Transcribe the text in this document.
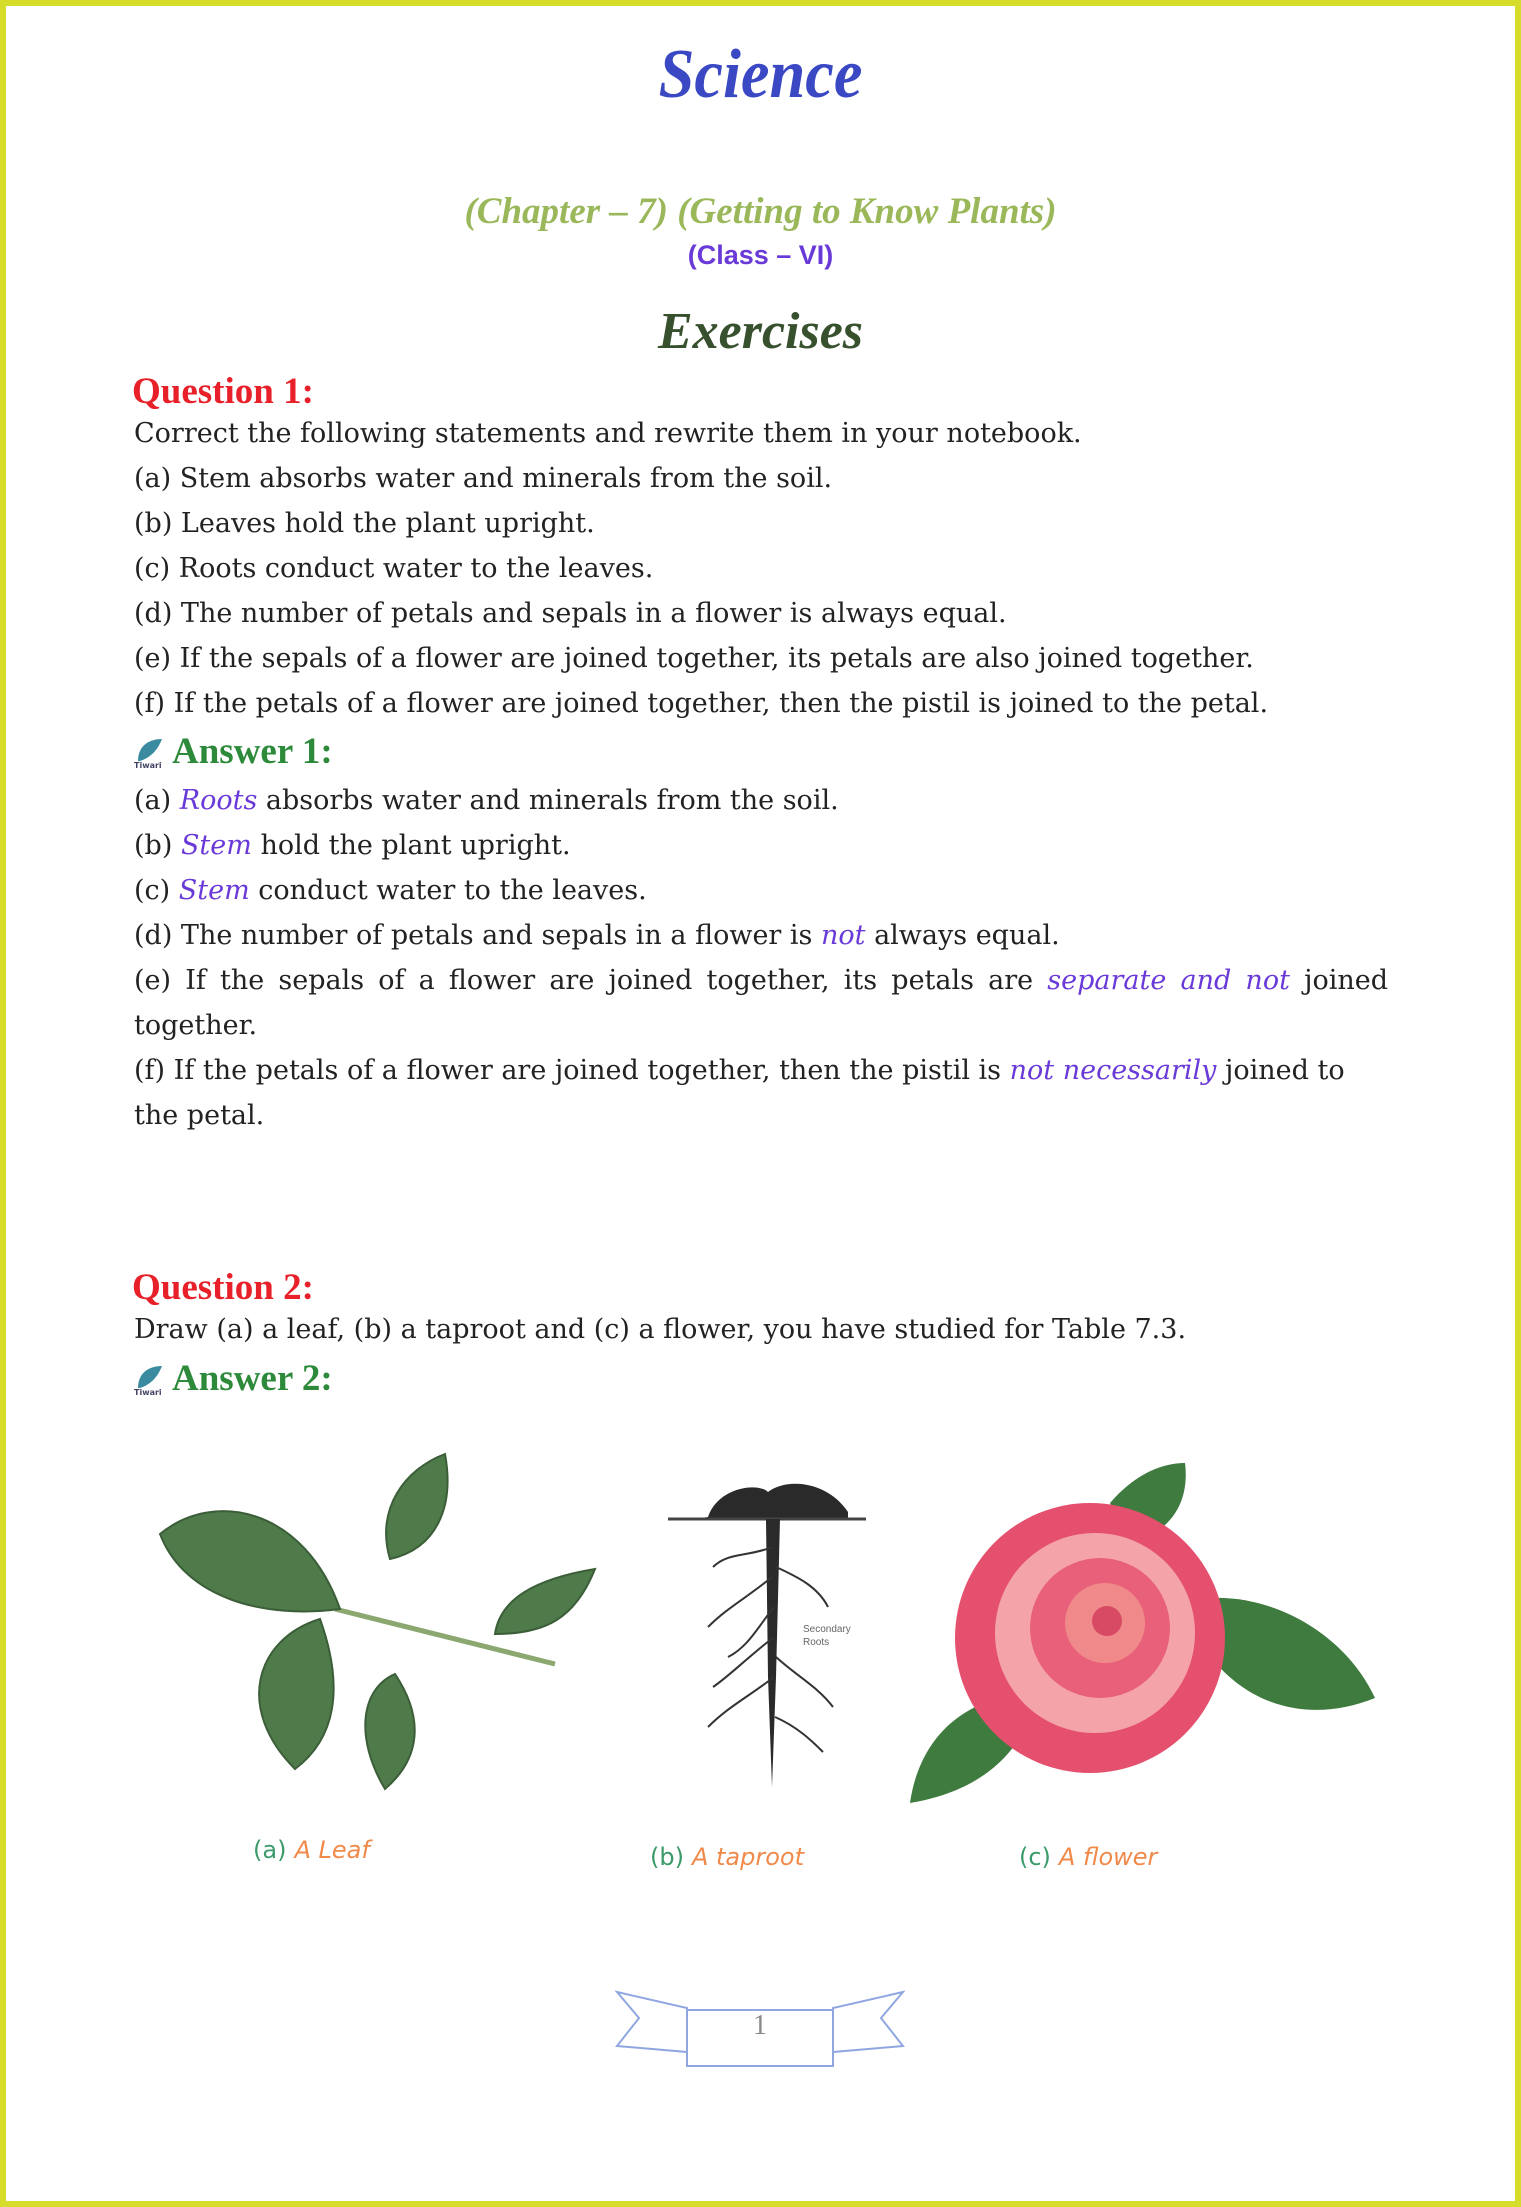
Science
(Chapter – 7) (Getting to Know Plants)
(Class – VI)
Exercises
Question 1:
Correct the following statements and rewrite them in your notebook.
(a) Stem absorbs water and minerals from the soil.
(b) Leaves hold the plant upright.
(c) Roots conduct water to the leaves.
(d) The number of petals and sepals in a flower is always equal.
(e) If the sepals of a flower are joined together, its petals are also joined together.
(f) If the petals of a flower are joined together, then the pistil is joined to the petal.
Tiwari Answer 1:
(a) Roots absorbs water and minerals from the soil.
(b) Stem hold the plant upright.
(c) Stem conduct water to the leaves.
(d) The number of petals and sepals in a flower is not always equal.
(e) If the sepals of a flower are joined together, its petals are separate and not joined
together.
(f) If the petals of a flower are joined together, then the pistil is not necessarily joined to
the petal.
Question 2:
Draw (a) a leaf, (b) a taproot and (c) a flower, you have studied for Table 7.3.
Tiwari Answer 2:
Secondary
Roots
(a) A Leaf	(b) A taproot	(c) A flower
1
